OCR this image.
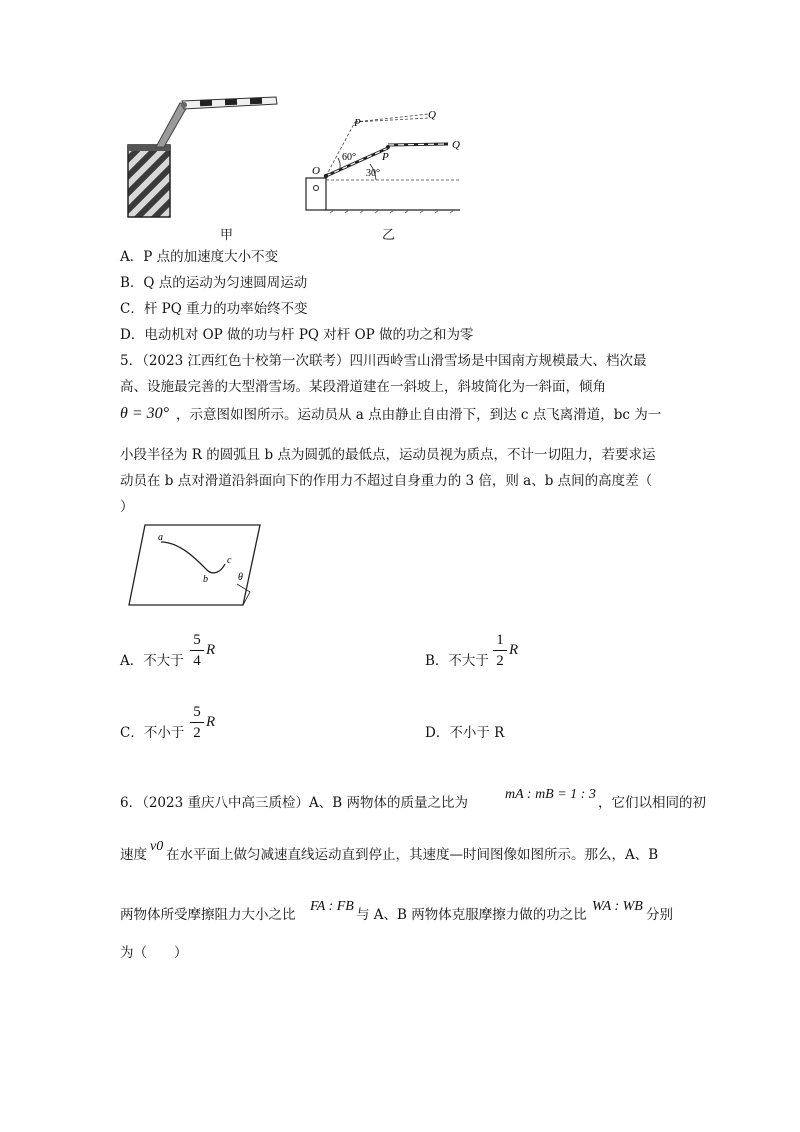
甲
P
Q
P
Q
O
60°
30°
乙
A．P 点的加速度大小不变
B．Q 点的运动为匀速圆周运动
C．杆 PQ 重力的功率始终不变
D．电动机对 OP 做的功与杆 PQ 对杆 OP 做的功之和为零
5．（2023 江西红色十校第一次联考）四川西岭雪山滑雪场是中国南方规模最大、档次最
高、设施最完善的大型滑雪场。某段滑道建在一斜坡上，斜坡简化为一斜面，倾角
θ = 30° ，示意图如图所示。运动员从 a 点由静止自由滑下，到达 c 点飞离滑道，bc 为一
小段半径为 R 的圆弧且 b 点为圆弧的最低点，运动员视为质点，不计一切阻力，若要求运
动员在 b 点对滑道沿斜面向下的作用力不超过自身重力的 3 倍，则 a、b 点间的高度差（
）
a
b
c
θ
A．不大于
5
4
R
B．不大于
1
2
R
C．不小于
5
2
R
D．不小于 R
6．（2023 重庆八中高三质检）A、B 两物体的质量之比为
mA : mB = 1 : 3
，它们以相同的初
速度
v0
在水平面上做匀减速直线运动直到停止，其速度—时间图像如图所示。那么，A、B
两物体所受摩擦阻力大小之比
FA : FB
与 A、B 两物体克服摩擦力做的功之比
WA : WB
分别
为（　　）
